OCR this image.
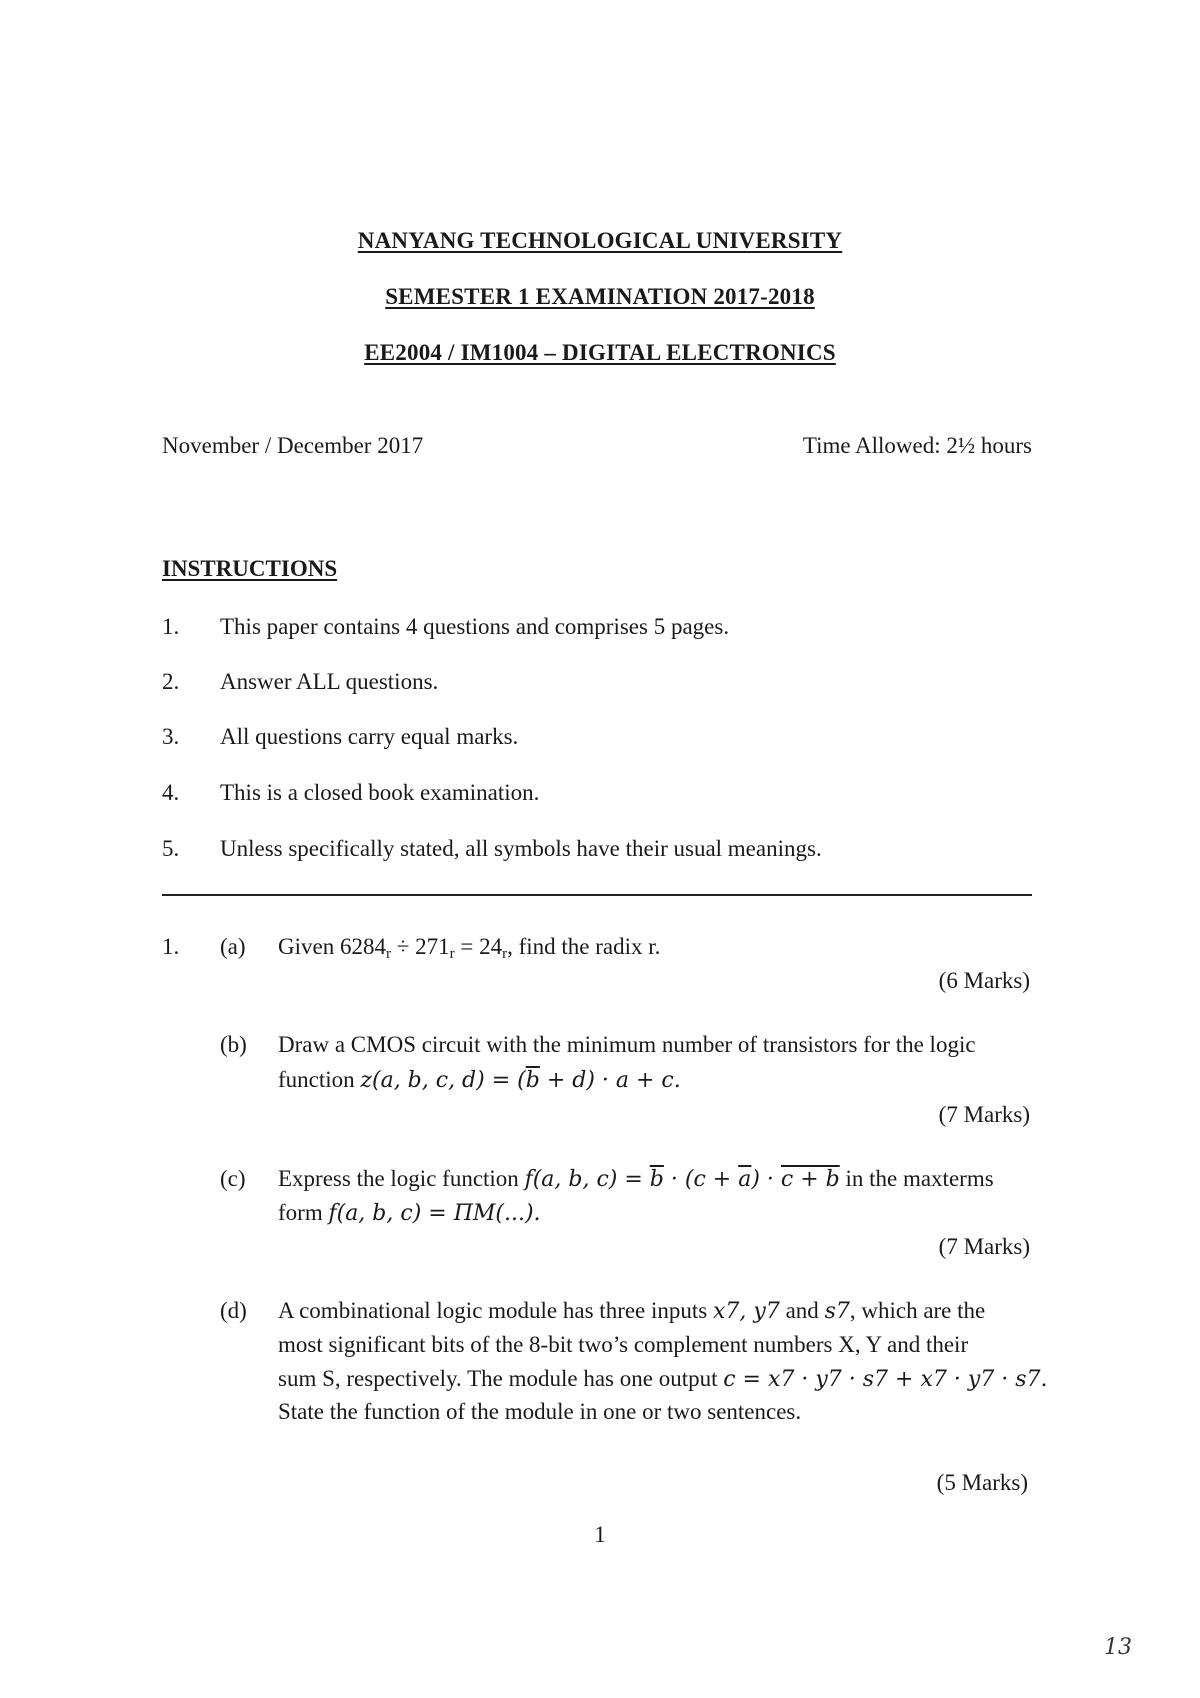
NANYANG TECHNOLOGICAL UNIVERSITY
SEMESTER 1 EXAMINATION 2017-2018
EE2004 / IM1004 – DIGITAL ELECTRONICS
November / December 2017	Time Allowed: 2½ hours
INSTRUCTIONS
1. This paper contains 4 questions and comprises 5 pages.
2. Answer ALL questions.
3. All questions carry equal marks.
4. This is a closed book examination.
5. Unless specifically stated, all symbols have their usual meanings.
1. (a) Given $6284_r \div 271_r = 24_r$, find the radix r.
(6 Marks)
(b) Draw a CMOS circuit with the minimum number of transistors for the logic
function z(a, b, c, $d) = (\overline{b} + d) \cdot a + c$.
(7 Marks)
(c) Express the logic function f(a, b, $c) = \overline{b} \cdot (c + \overline{a}) \cdot c + b$ in the maxterms
form f(a, b, c) = ΠM(...).
(7 Marks)
(d) A combinational logic module has three inputs x7, y7 and s7, which are the
most significant bits of the 8-bit two’s complement numbers X, Y and their
sum S, respectively. The module has one output c = x7 · y7 · s7 + x7 · y7 · s7.
State the function of the module in one or two sentences.
(5 Marks)
1
13
